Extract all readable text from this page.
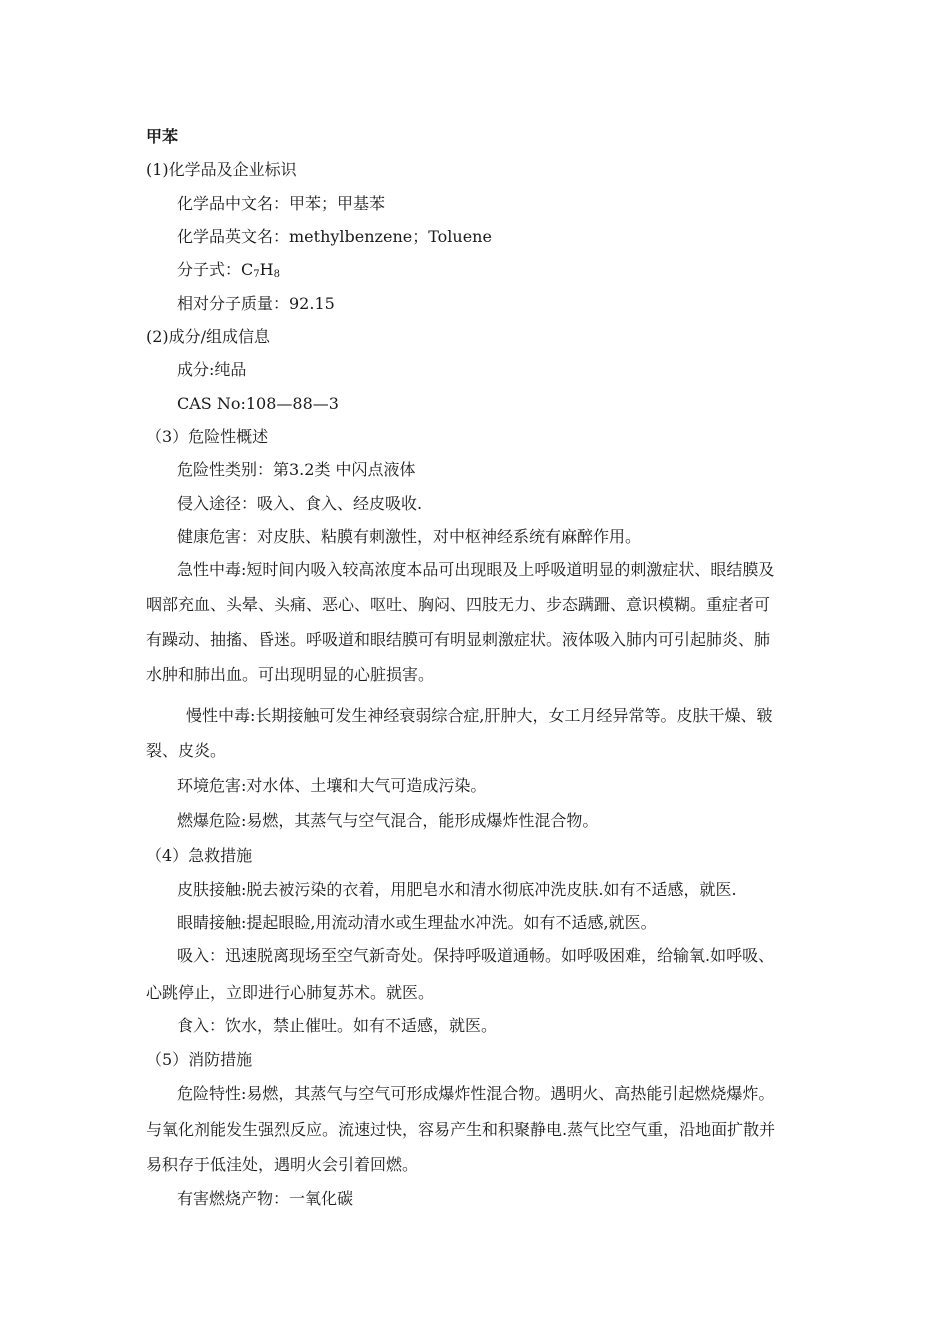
甲苯
(1)化学品及企业标识
化学品中文名：甲苯；甲基苯
化学品英文名：methylbenzene；Toluene
分子式：$C_7H_8$
相对分子质量：92.15
(2)成分/组成信息
成分:纯品
CAS No:108—88—3
（3）危险性概述
危险性类别：第3.2类 中闪点液体
侵入途径：吸入、食入、经皮吸收.
健康危害：对皮肤、粘膜有刺激性，对中枢神经系统有麻醉作用。
急性中毒:短时间内吸入较高浓度本品可出现眼及上呼吸道明显的刺激症状、眼结膜及
咽部充血、头晕、头痛、恶心、呕吐、胸闷、四肢无力、步态蹒跚、意识模糊。重症者可
有躁动、抽搐、昏迷。呼吸道和眼结膜可有明显刺激症状。液体吸入肺内可引起肺炎、肺
水肿和肺出血。可出现明显的心脏损害。
慢性中毒:长期接触可发生神经衰弱综合症,肝肿大，女工月经异常等。皮肤干燥、皲
裂、皮炎。
环境危害:对水体、土壤和大气可造成污染。
燃爆危险:易燃，其蒸气与空气混合，能形成爆炸性混合物。
（4）急救措施
皮肤接触:脱去被污染的衣着，用肥皂水和清水彻底冲洗皮肤.如有不适感，就医.
眼睛接触:提起眼睑,用流动清水或生理盐水冲洗。如有不适感,就医。
吸入：迅速脱离现场至空气新奇处。保持呼吸道通畅。如呼吸困难，给输氧.如呼吸、
心跳停止，立即进行心肺复苏术。就医。
食入：饮水，禁止催吐。如有不适感，就医。
（5）消防措施
危险特性:易燃，其蒸气与空气可形成爆炸性混合物。遇明火、高热能引起燃烧爆炸。
与氧化剂能发生强烈反应。流速过快，容易产生和积聚静电.蒸气比空气重，沿地面扩散并
易积存于低洼处，遇明火会引着回燃。
有害燃烧产物：一氧化碳
